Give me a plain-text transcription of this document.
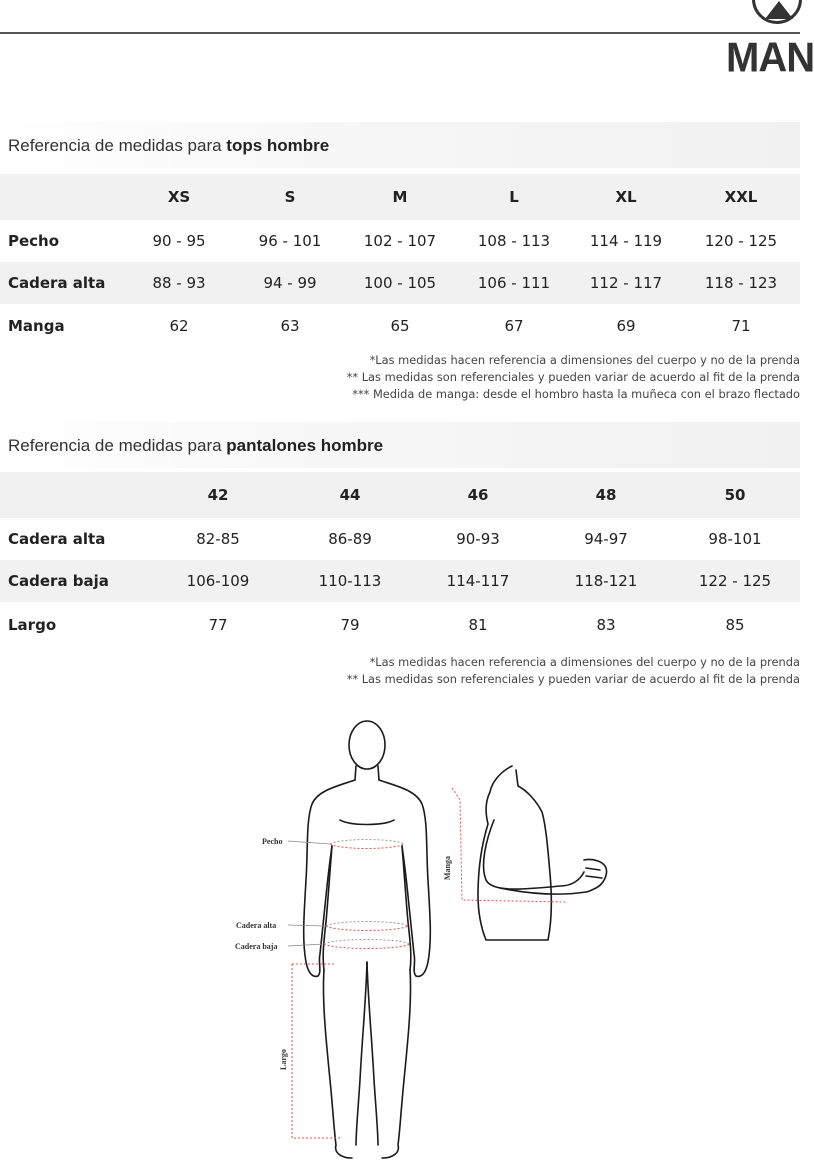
MAN
Referencia de medidas para tops hombre
	XS	S	M	L	XL	XXL
Pecho	90 - 95	96 - 101	102 - 107	108 - 113	114 - 119	120 - 125
Cadera alta	88 - 93	94 - 99	100 - 105	106 - 111	112 - 117	118 - 123
Manga	62	63	65	67	69	71
*Las medidas hacen referencia a dimensiones del cuerpo y no de la prenda
** Las medidas son referenciales y pueden variar de acuerdo al fit de la prenda
*** Medida de manga: desde el hombro hasta la muñeca con el brazo flectado
Referencia de medidas para pantalones hombre
	42	44	46	48	50
Cadera alta	82-85	86-89	90-93	94-97	98-101
Cadera baja	106-109	110-113	114-117	118-121	122 - 125
Largo	77	79	81	83	85
*Las medidas hacen referencia a dimensiones del cuerpo y no de la prenda
** Las medidas son referenciales y pueden variar de acuerdo al fit de la prenda
Pecho
Cadera alta
Cadera baja
Largo
Manga
